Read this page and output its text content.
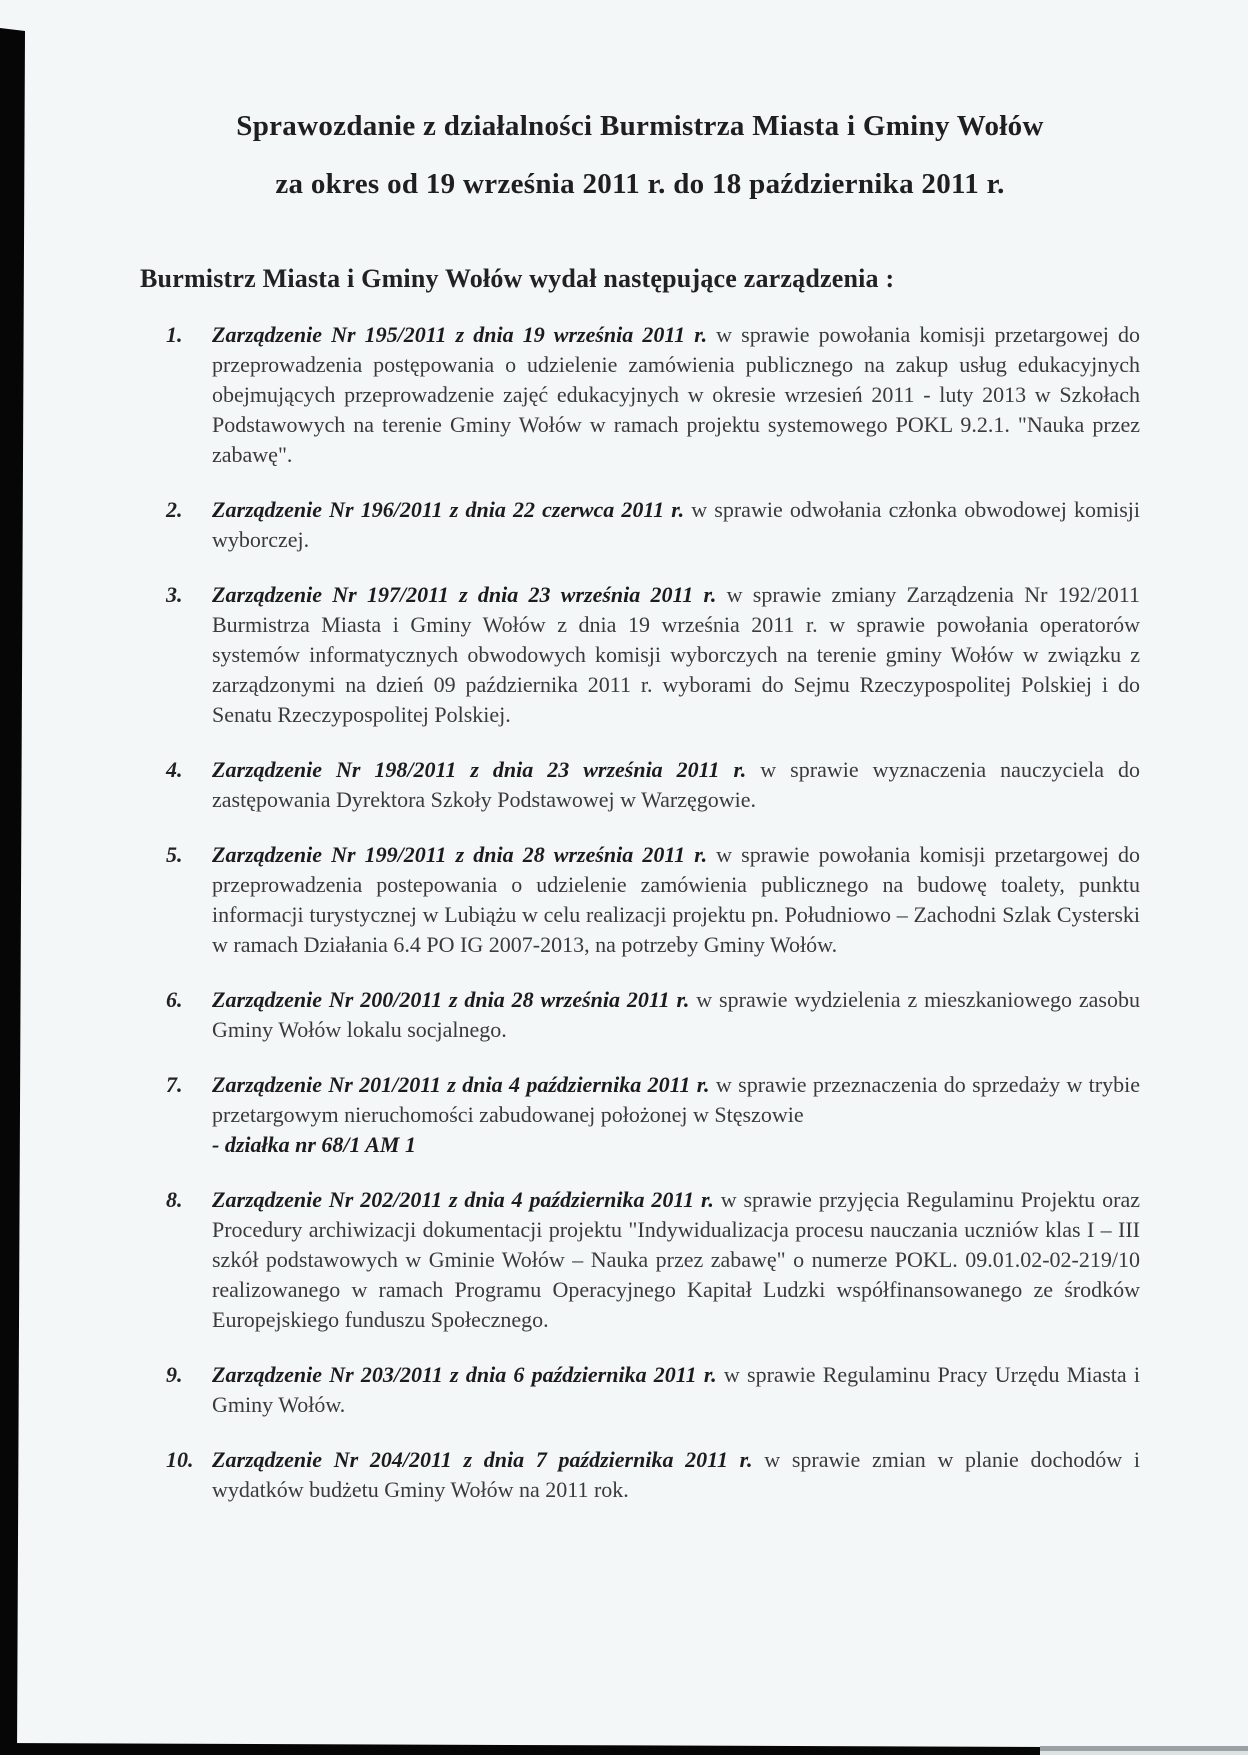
Sprawozdanie z działalności Burmistrza Miasta i Gminy Wołów
za okres od 19 września 2011 r. do 18 października 2011 r.
Burmistrz Miasta i Gminy Wołów wydał następujące zarządzenia :
1. Zarządzenie Nr 195/2011 z dnia 19 września 2011 r. w sprawie powołania komisji przetargowej do przeprowadzenia postępowania o udzielenie zamówienia publicznego na zakup usług edukacyjnych obejmujących przeprowadzenie zajęć edukacyjnych w okresie wrzesień 2011 - luty 2013 w Szkołach Podstawowych na terenie Gminy Wołów w ramach projektu systemowego POKL 9.2.1. "Nauka przez zabawę".
2. Zarządzenie Nr 196/2011 z dnia 22 czerwca 2011 r. w sprawie odwołania członka obwodowej komisji wyborczej.
3. Zarządzenie Nr 197/2011 z dnia 23 września 2011 r. w sprawie zmiany Zarządzenia Nr 192/2011 Burmistrza Miasta i Gminy Wołów z dnia 19 września 2011 r. w sprawie powołania operatorów systemów informatycznych obwodowych komisji wyborczych na terenie gminy Wołów w związku z zarządzonymi na dzień 09 października 2011 r. wyborami do Sejmu Rzeczypospolitej Polskiej i do Senatu Rzeczypospolitej Polskiej.
4. Zarządzenie Nr 198/2011 z dnia 23 września 2011 r. w sprawie wyznaczenia nauczyciela do zastępowania Dyrektora Szkoły Podstawowej w Warzęgowie.
5. Zarządzenie Nr 199/2011 z dnia 28 września 2011 r. w sprawie powołania komisji przetargowej do przeprowadzenia postepowania o udzielenie zamówienia publicznego na budowę toalety, punktu informacji turystycznej w Lubiążu w celu realizacji projektu pn. Południowo – Zachodni Szlak Cysterski w ramach Działania 6.4 PO IG 2007-2013, na potrzeby Gminy Wołów.
6. Zarządzenie Nr 200/2011 z dnia 28 września 2011 r. w sprawie wydzielenia z mieszkaniowego zasobu Gminy Wołów lokalu socjalnego.
7. Zarządzenie Nr 201/2011 z dnia 4 października 2011 r. w sprawie przeznaczenia do sprzedaży w trybie przetargowym nieruchomości zabudowanej położonej w Stęszowie
- działka nr 68/1 AM 1
8. Zarządzenie Nr 202/2011 z dnia 4 października 2011 r. w sprawie przyjęcia Regulaminu Projektu oraz Procedury archiwizacji dokumentacji projektu "Indywidualizacja procesu nauczania uczniów klas I – III szkół podstawowych w Gminie Wołów – Nauka przez zabawę" o numerze POKL. 09.01.02-02-219/10 realizowanego w ramach Programu Operacyjnego Kapitał Ludzki współfinansowanego ze środków Europejskiego funduszu Społecznego.
9. Zarządzenie Nr 203/2011 z dnia 6 października 2011 r. w sprawie Regulaminu Pracy Urzędu Miasta i Gminy Wołów.
10. Zarządzenie Nr 204/2011 z dnia 7 października 2011 r. w sprawie zmian w planie dochodów i wydatków budżetu Gminy Wołów na 2011 rok.
